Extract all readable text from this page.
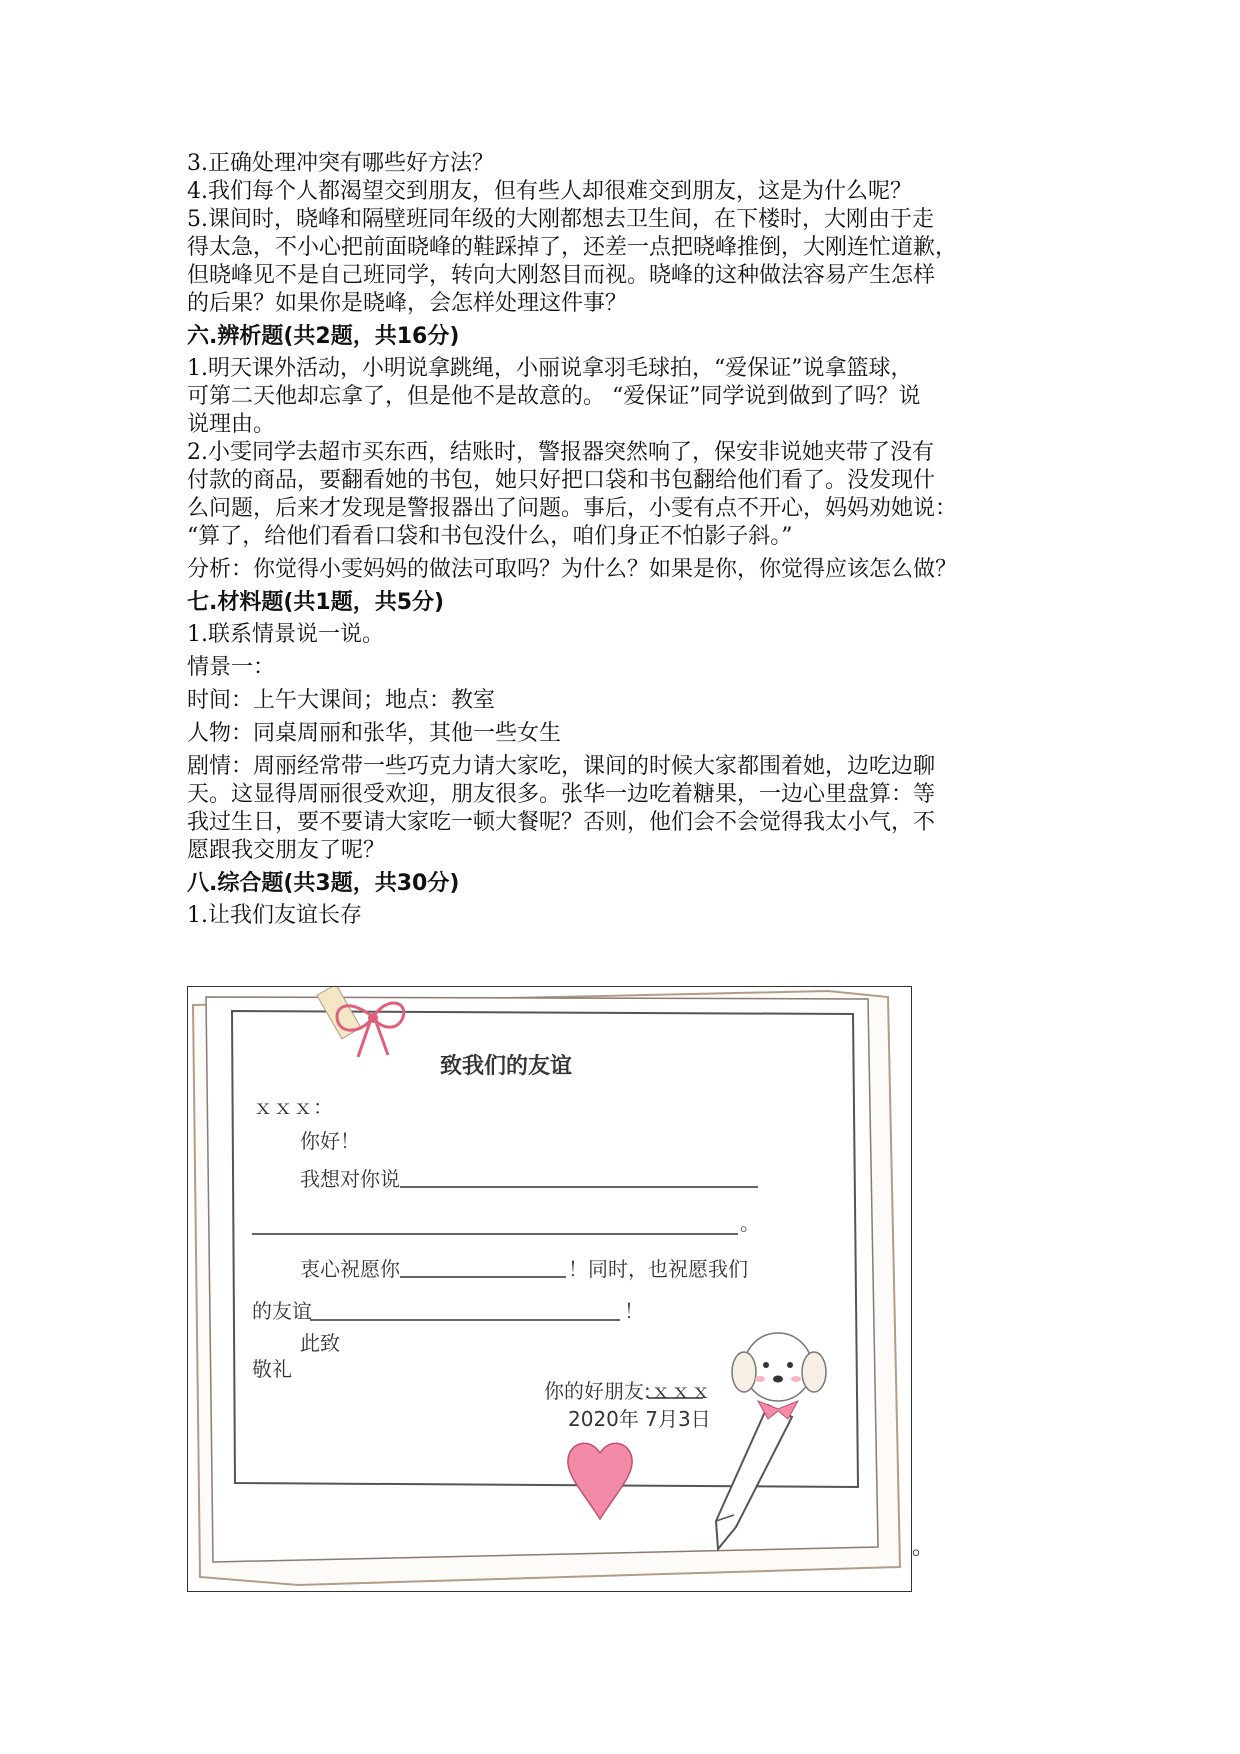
3.正确处理冲突有哪些好方法？
4.我们每个人都渴望交到朋友，但有些人却很难交到朋友，这是为什么呢？
5.课间时，晓峰和隔壁班同年级的大刚都想去卫生间，在下楼时，大刚由于走
得太急，不小心把前面晓峰的鞋踩掉了，还差一点把晓峰推倒，大刚连忙道歉，
但晓峰见不是自己班同学，转向大刚怒目而视。晓峰的这种做法容易产生怎样
的后果？如果你是晓峰，会怎样处理这件事？
六.辨析题(共2题，共16分)
1.明天课外活动，小明说拿跳绳，小丽说拿羽毛球拍，“爱保证”说拿篮球，
可第二天他却忘拿了，但是他不是故意的。 “爱保证”同学说到做到了吗？说
说理由。
2.小雯同学去超市买东西，结账时，警报器突然响了，保安非说她夹带了没有
付款的商品，要翻看她的书包，她只好把口袋和书包翻给他们看了。没发现什
么问题，后来才发现是警报器出了问题。事后，小雯有点不开心，妈妈劝她说：
“算了，给他们看看口袋和书包没什么，咱们身正不怕影子斜。”
分析：你觉得小雯妈妈的做法可取吗？为什么？如果是你，你觉得应该怎么做？
七.材料题(共1题，共5分)
1.联系情景说一说。
情景一：
时间：上午大课间；地点：教室
人物：同桌周丽和张华，其他一些女生
剧情：周丽经常带一些巧克力请大家吃，课间的时候大家都围着她，边吃边聊
天。这显得周丽很受欢迎，朋友很多。张华一边吃着糖果，一边心里盘算：等
我过生日，要不要请大家吃一顿大餐呢？否则，他们会不会觉得我太小气，不
愿跟我交朋友了呢？
八.综合题(共3题，共30分)
1.让我们友谊长存
致我们的友谊
ｘｘｘ：
你好！
我想对你说
。
衷心祝愿你	！同时，也祝愿我们
的友谊	！
此致
敬礼
你的好朋友:ｘｘｘ
2020年 7月3日
。
